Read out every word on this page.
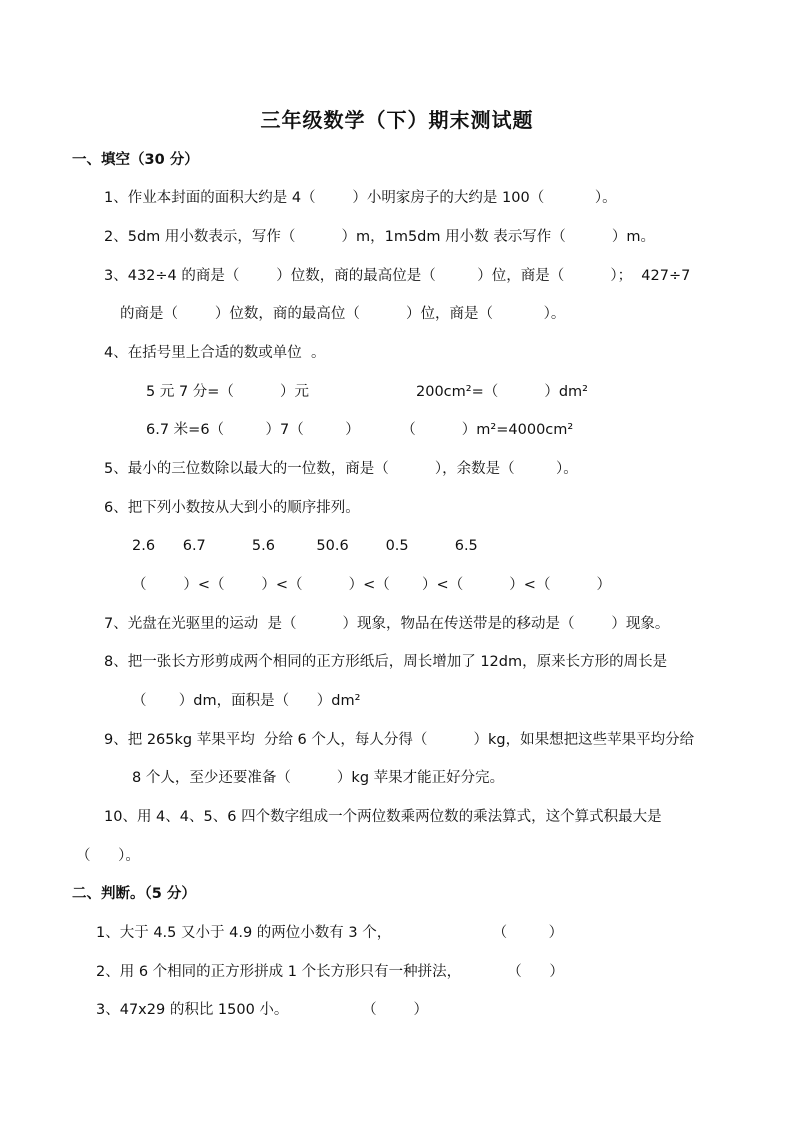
三年级数学（下）期末测试题
一、填空（30 分）
1、作业本封面的面积大约是 4（        ）小明家房子的大约是 100（           ）。
2、5dm 用小数表示，写作（          ）m，1m5dm 用小数 表示写作（          ）m。
3、432÷4 的商是（        ）位数，商的最高位是（         ）位，商是（          ）；  427÷7
的商是（        ）位数，商的最高位（          ）位，商是（           ）。
4、在括号里上合适的数或单位  。
5 元 7 分=（          ）元	200cm²=（          ）dm²
6.7 米=6（         ）7（         ）         （          ）m²=4000cm²
5、最小的三位数除以最大的一位数，商是（          ），余数是（         ）。
6、把下列小数按从大到小的顺序排列。
2.6      6.7          5.6         50.6        0.5          6.5
（        ）<（        ）<（          ）<（       ）<（          ）<（          ）
7、光盘在光驱里的运动  是（          ）现象，物品在传送带是的移动是（        ）现象。
8、把一张长方形剪成两个相同的正方形纸后，周长增加了 12dm，原来长方形的周长是
（       ）dm，面积是（      ）dm²
9、把 265kg 苹果平均  分给 6 个人，每人分得（          ）kg，如果想把这些苹果平均分给
8 个人，至少还要准备（          ）kg 苹果才能正好分完。
10、用 4、4、5、6 四个数字组成一个两位数乘两位数的乘法算式，这个算式积最大是
（      ）。
二、判断。（5 分）
1、大于 4.5 又小于 4.9 的两位小数有 3 个，                      （         ）
2、用 6 个相同的正方形拼成 1 个长方形只有一种拼法，          （      ）
3、47x29 的积比 1500 小。                （        ）
